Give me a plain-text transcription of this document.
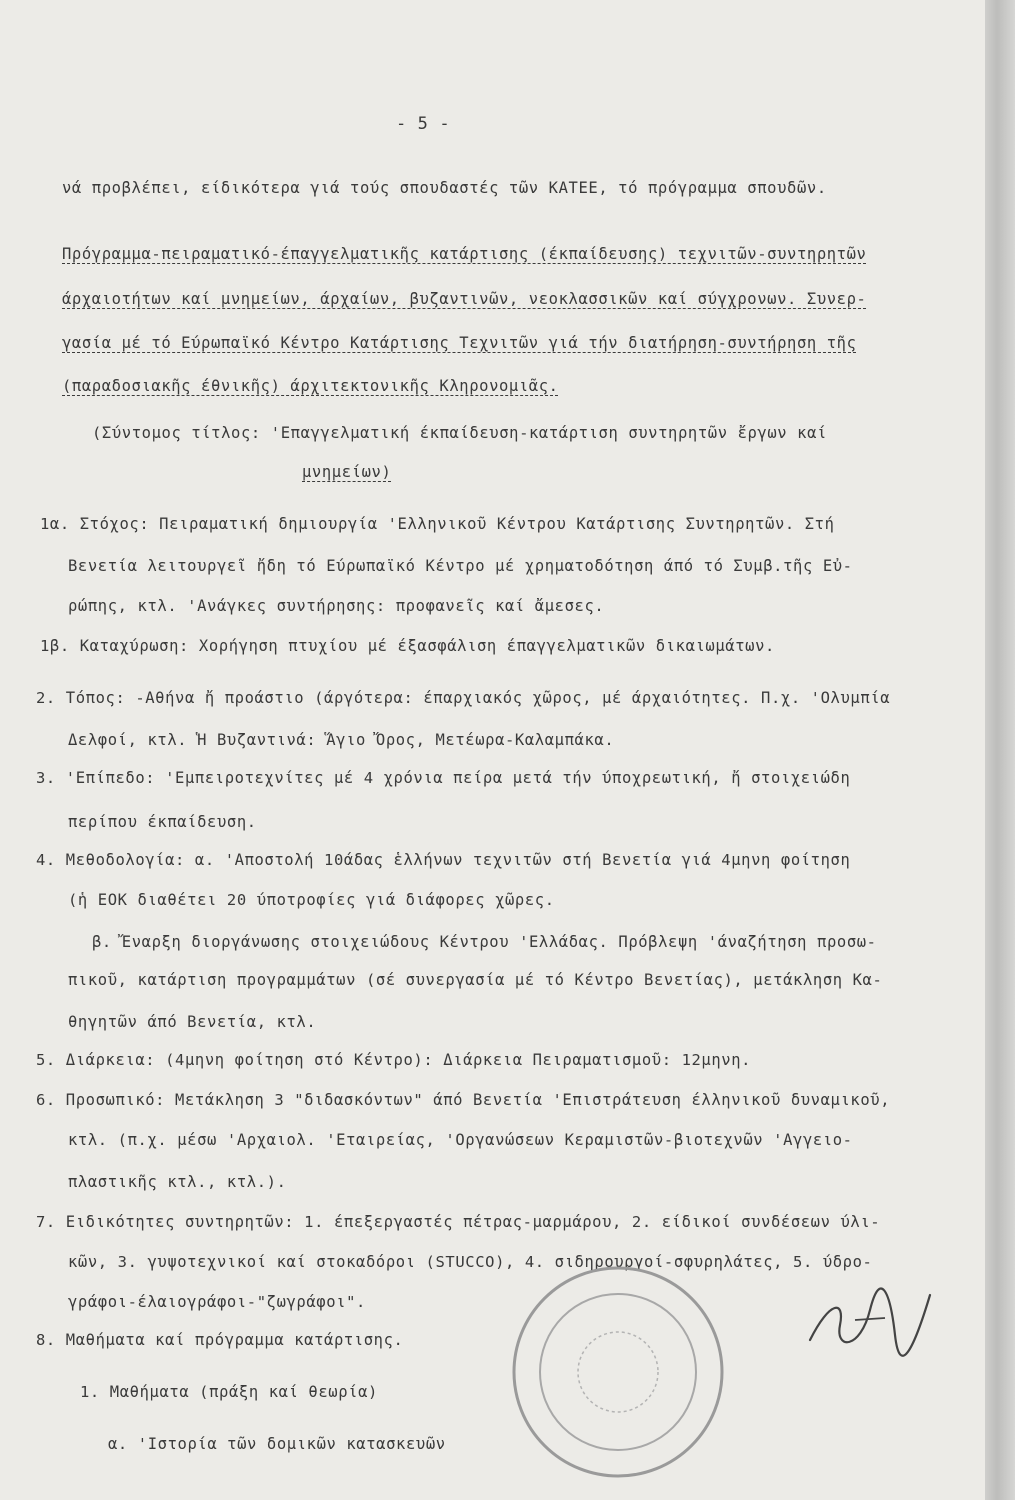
- 5 -
νά προβλέπει, είδικότερα γιά τούς σπουδαστές τῶν ΚΑΤΕΕ, τό πρόγραμμα σπουδῶν.
Πρόγραμμα-πειραματικό-έπαγγελματικῆς κατάρτισης (έκπαίδευσης) τεχνιτῶν-συντηρητῶν
άρχαιοτήτων καί μνημείων, άρχαίων, βυζαντινῶν, νεοκλασσικῶν καί σύγχρονων. Συνερ-
γασία μέ τό Εύρωπαϊκό Κέντρο Κατάρτισης Τεχνιτῶν γιά τήν διατήρηση-συντήρηση τῆς
(παραδοσιακῆς έθνικῆς) άρχιτεκτονικῆς Κληρονομιᾶς.
(Σύντομος τίτλος: 'Επαγγελματική έκπαίδευση-κατάρτιση συντηρητῶν ἔργων καί
μνημείων)
1α. Στόχος: Πειραματική δημιουργία 'Ελληνικοῦ Κέντρου Κατάρτισης Συντηρητῶν. Στή
Βενετία λειτουργεῖ ἤδη τό Εύρωπαϊκό Κέντρο μέ χρηματοδότηση άπό τό Συμβ.τῆς Εὐ-
ρώπης, κτλ. 'Ανάγκες συντήρησης: προφανεῖς καί ἄμεσες.
1β. Καταχύρωση: Χορήγηση πτυχίου μέ έξασφάλιση έπαγγελματικῶν δικαιωμάτων.
2. Τόπος: -Αθήνα ἤ προάστιο (άργότερα: έπαρχιακός χῶρος, μέ άρχαιότητες. Π.χ. 'Ολυμπία
Δελφοί, κτλ. Ἡ Βυζαντινά: Ἅγιο Ὄρος, Μετέωρα-Καλαμπάκα.
3. 'Επίπεδο: 'Εμπειροτεχνίτες μέ 4 χρόνια πείρα μετά τήν ύποχρεωτική, ἤ στοιχειώδη
περίπου έκπαίδευση.
4. Μεθοδολογία: α. 'Αποστολή 10άδας ἑλλήνων τεχνιτῶν στή Βενετία γιά 4μηνη φοίτηση
(ἡ ΕΟΚ διαθέτει 20 ύποτροφίες γιά διάφορες χῶρες.
β. Ἔναρξη διοργάνωσης στοιχειώδους Κέντρου 'Ελλάδας. Πρόβλεψη 'άναζήτηση προσω-
πικοῦ, κατάρτιση προγραμμάτων (σέ συνεργασία μέ τό Κέντρο Βενετίας), μετάκληση Κα-
θηγητῶν άπό Βενετία, κτλ.
5. Διάρκεια: (4μηνη φοίτηση στό Κέντρο): Διάρκεια Πειραματισμοῦ: 12μηνη.
6. Προσωπικό: Μετάκληση 3 "διδασκόντων" άπό Βενετία 'Επιστράτευση έλληνικοῦ δυναμικοῦ,
κτλ. (π.χ. μέσω 'Αρχαιολ. 'Εταιρείας, 'Οργανώσεων Κεραμιστῶν-βιοτεχνῶν 'Αγγειο-
πλαστικῆς κτλ., κτλ.).
7. Ειδικότητες συντηρητῶν: 1. έπεξεργαστές πέτρας-μαρμάρου, 2. είδικοί συνδέσεων ύλι-
κῶν, 3. γυψοτεχνικοί καί στοκαδόροι (STUCCO), 4. σιδηρουργοί-σφυρηλάτες, 5. ύδρο-
γράφοι-έλαιογράφοι-"ζωγράφοι".
8. Μαθήματα καί πρόγραμμα κατάρτισης.
1. Μαθήματα (πράξη καί θεωρία)
α. 'Ιστορία τῶν δομικῶν κατασκευῶν
